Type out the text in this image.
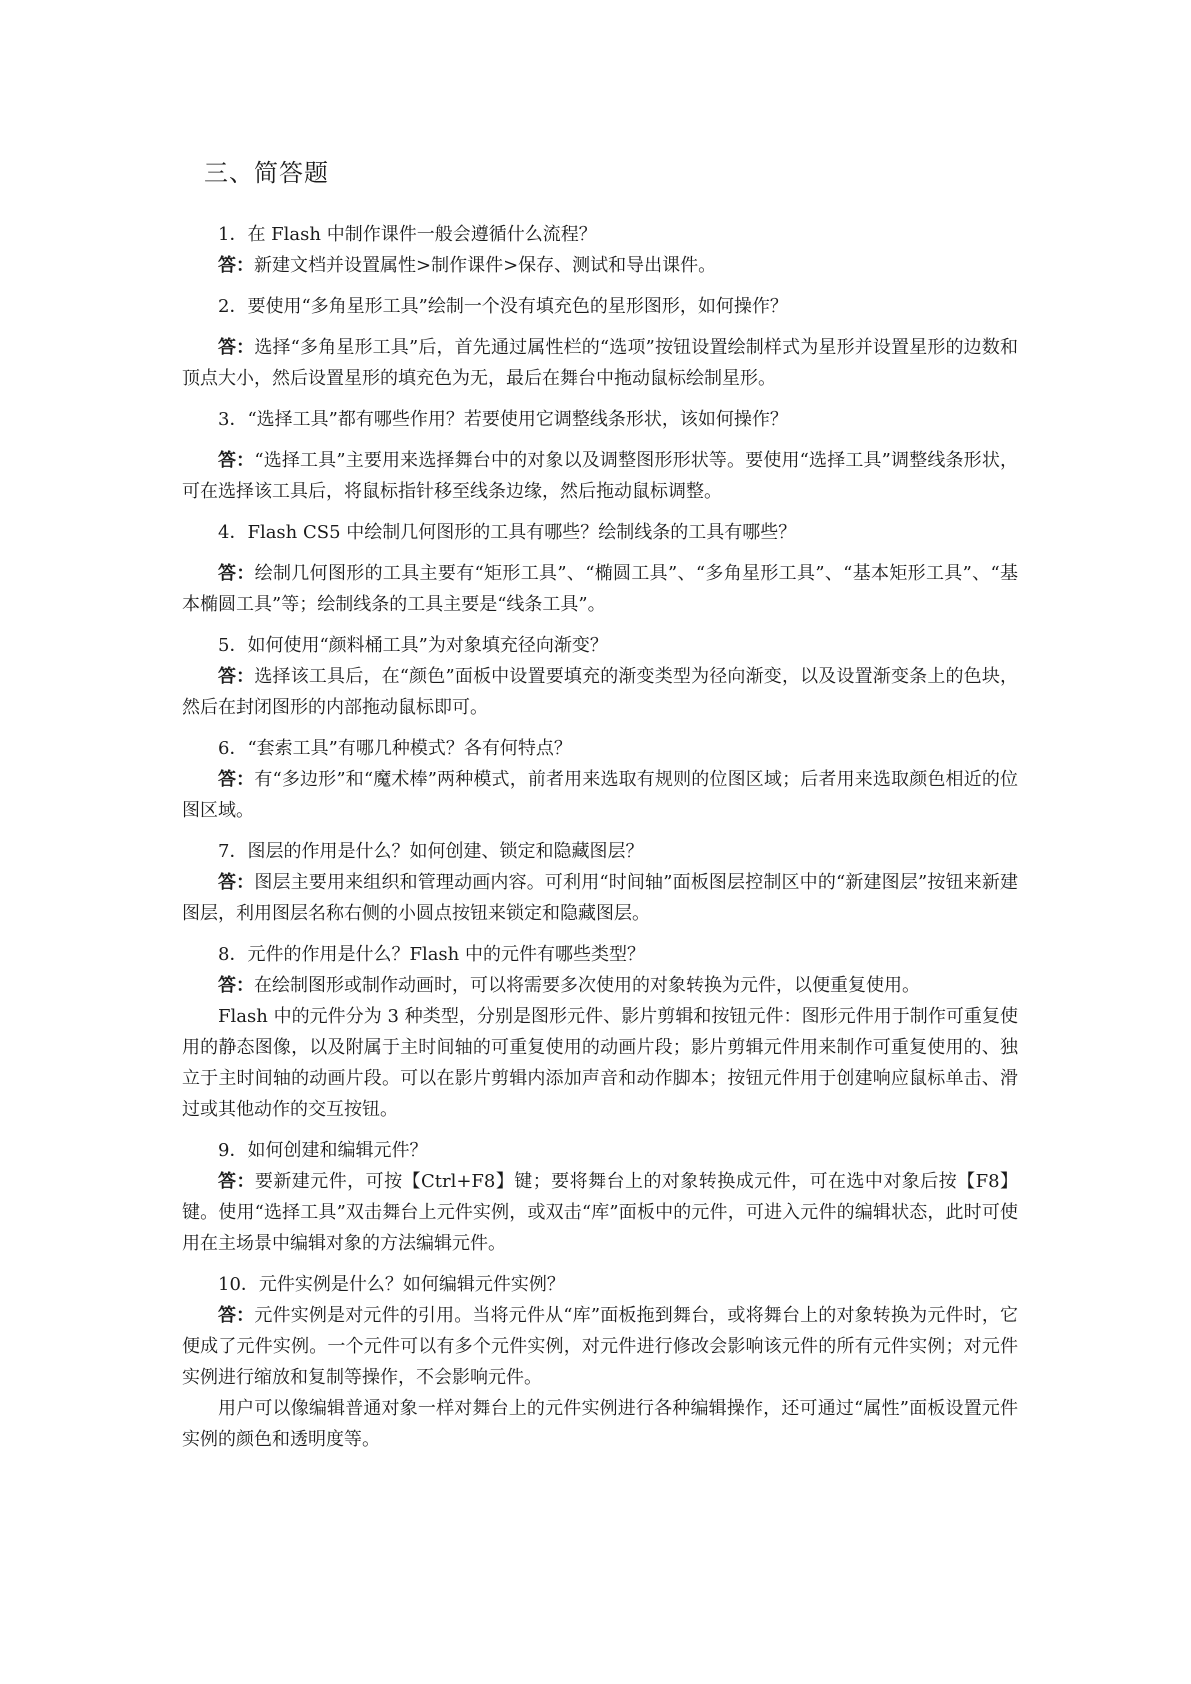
三、简答题

1．在 Flash 中制作课件一般会遵循什么流程？

答：新建文档并设置属性>制作课件>保存、测试和导出课件。

2．要使用“多角星形工具”绘制一个没有填充色的星形图形，如何操作？

答：选择“多角星形工具”后，首先通过属性栏的“选项”按钮设置绘制样式为星形并设置星形的边数和顶点大小，然后设置星形的填充色为无，最后在舞台中拖动鼠标绘制星形。

3．“选择工具”都有哪些作用？若要使用它调整线条形状，该如何操作？

答：“选择工具”主要用来选择舞台中的对象以及调整图形形状等。要使用“选择工具”调整线条形状，可在选择该工具后，将鼠标指针移至线条边缘，然后拖动鼠标调整。

4．Flash CS5 中绘制几何图形的工具有哪些？绘制线条的工具有哪些？

答：绘制几何图形的工具主要有“矩形工具”、“椭圆工具”、“多角星形工具”、“基本矩形工具”、“基本椭圆工具”等；绘制线条的工具主要是“线条工具”。

5．如何使用“颜料桶工具”为对象填充径向渐变？

答：选择该工具后，在“颜色”面板中设置要填充的渐变类型为径向渐变，以及设置渐变条上的色块，然后在封闭图形的内部拖动鼠标即可。

6．“套索工具”有哪几种模式？各有何特点？

答：有“多边形”和“魔术棒”两种模式，前者用来选取有规则的位图区域；后者用来选取颜色相近的位图区域。

7．图层的作用是什么？如何创建、锁定和隐藏图层？

答：图层主要用来组织和管理动画内容。可利用“时间轴”面板图层控制区中的“新建图层”按钮来新建图层，利用图层名称右侧的小圆点按钮来锁定和隐藏图层。

8．元件的作用是什么？Flash 中的元件有哪些类型？

答：在绘制图形或制作动画时，可以将需要多次使用的对象转换为元件，以便重复使用。

Flash 中的元件分为 3 种类型，分别是图形元件、影片剪辑和按钮元件：图形元件用于制作可重复使用的静态图像，以及附属于主时间轴的可重复使用的动画片段；影片剪辑元件用来制作可重复使用的、独立于主时间轴的动画片段。可以在影片剪辑内添加声音和动作脚本；按钮元件用于创建响应鼠标单击、滑过或其他动作的交互按钮。

9．如何创建和编辑元件？

答：要新建元件，可按【Ctrl+F8】键；要将舞台上的对象转换成元件，可在选中对象后按【F8】键。使用“选择工具”双击舞台上元件实例，或双击“库”面板中的元件，可进入元件的编辑状态，此时可使用在主场景中编辑对象的方法编辑元件。

10．元件实例是什么？如何编辑元件实例？

答：元件实例是对元件的引用。当将元件从“库”面板拖到舞台，或将舞台上的对象转换为元件时，它便成了元件实例。一个元件可以有多个元件实例，对元件进行修改会影响该元件的所有元件实例；对元件实例进行缩放和复制等操作，不会影响元件。

用户可以像编辑普通对象一样对舞台上的元件实例进行各种编辑操作，还可通过“属性”面板设置元件实例的颜色和透明度等。
